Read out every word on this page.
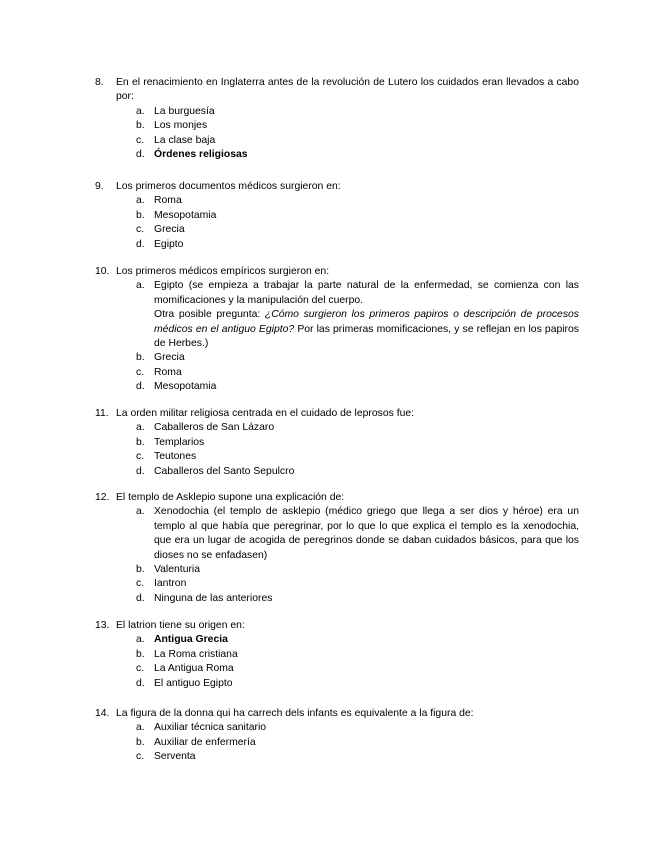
8. En el renacimiento en Inglaterra antes de la revolución de Lutero los cuidados eran llevados a cabo por:
a. La burguesía
b. Los monjes
c. La clase baja
d. Órdenes religiosas
9. Los primeros documentos médicos surgieron en:
a. Roma
b. Mesopotamia
c. Grecia
d. Egipto
10. Los primeros médicos empíricos surgieron en:
a. Egipto (se empieza a trabajar la parte natural de la enfermedad, se comienza con las momificaciones y la manipulación del cuerpo.
Otra posible pregunta: ¿Cómo surgieron los primeros papiros o descripción de procesos médicos en el antiguo Egipto? Por las primeras momificaciones, y se reflejan en los papiros de Herbes.)
b. Grecia
c. Roma
d. Mesopotamia
11. La orden militar religiosa centrada en el cuidado de leprosos fue:
a. Caballeros de San Lázaro
b. Templarios
c. Teutones
d. Caballeros del Santo Sepulcro
12. El templo de Asklepio supone una explicación de:
a. Xenodochia (el templo de asklepio (médico griego que llega a ser dios y héroe) era un templo al que había que peregrinar, por lo que lo que explica el templo es la xenodochia, que era un lugar de acogida de peregrinos donde se daban cuidados básicos, para que los dioses no se enfadasen)
b. Valenturia
c. Iantron
d. Ninguna de las anteriores
13. El latrion tiene su origen en:
a. Antigua Grecia
b. La Roma cristiana
c. La Antigua Roma
d. El antiguo Egipto
14. La figura de la donna qui ha carrech dels infants es equivalente a la figura de:
a. Auxiliar técnica sanitario
b. Auxiliar de enfermería
c. Serventa
